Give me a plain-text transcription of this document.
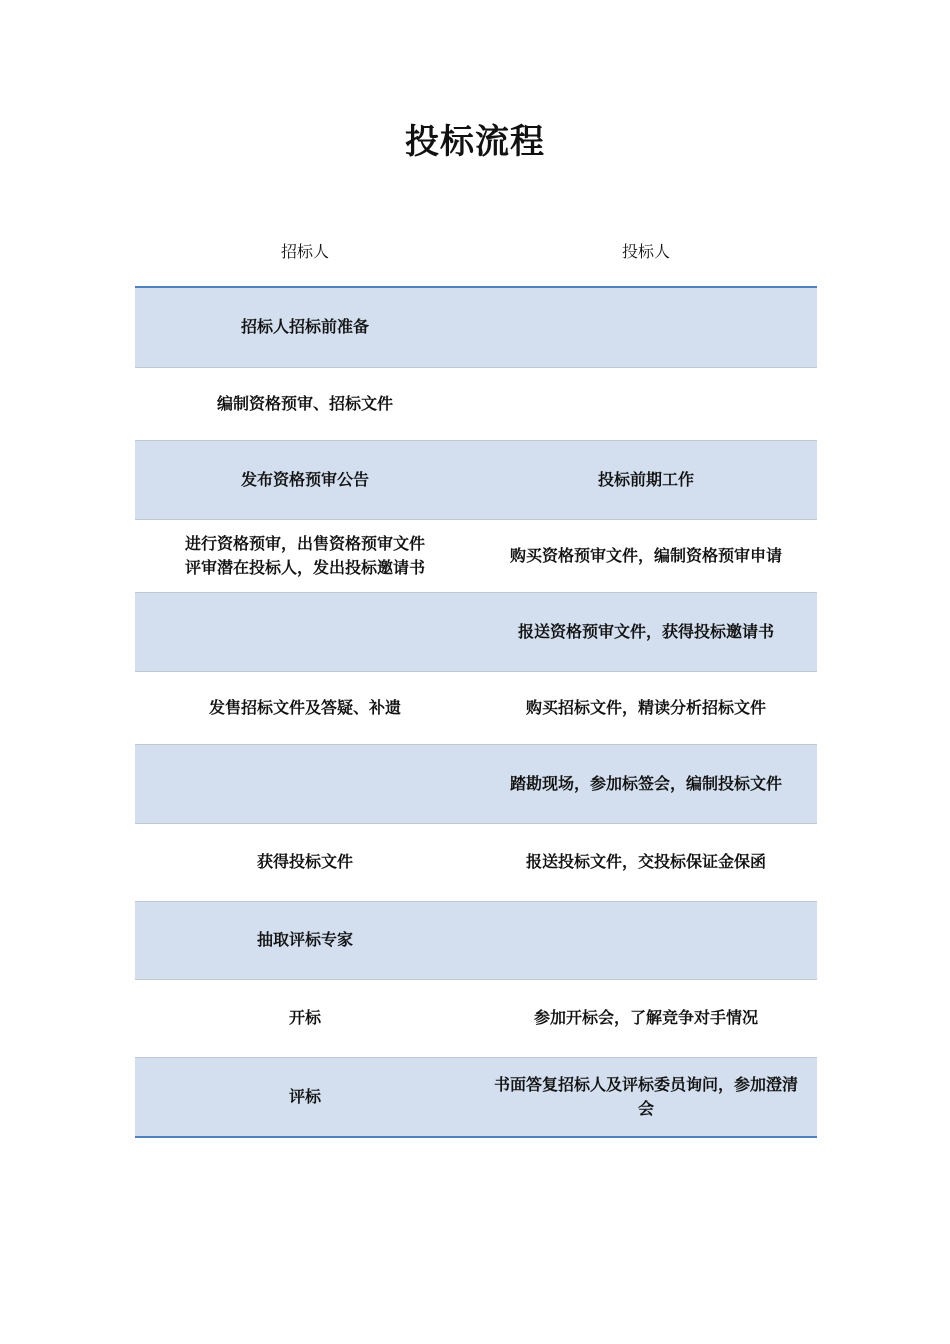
投标流程
招标人	投标人

招标人招标前准备	

编制资格预审、招标文件	

发布资格预审公告	投标前期工作

进行资格预审，出售资格预审文件
评审潜在投标人，发出投标邀请书	购买资格预审文件，编制资格预审申请

	报送资格预审文件，获得投标邀请书

发售招标文件及答疑、补遗	购买招标文件，精读分析招标文件

	踏勘现场，参加标签会，编制投标文件

获得投标文件	报送投标文件，交投标保证金保函

抽取评标专家	

开标	参加开标会，了解竞争对手情况

评标	书面答复招标人及评标委员询问，参加澄清
会
